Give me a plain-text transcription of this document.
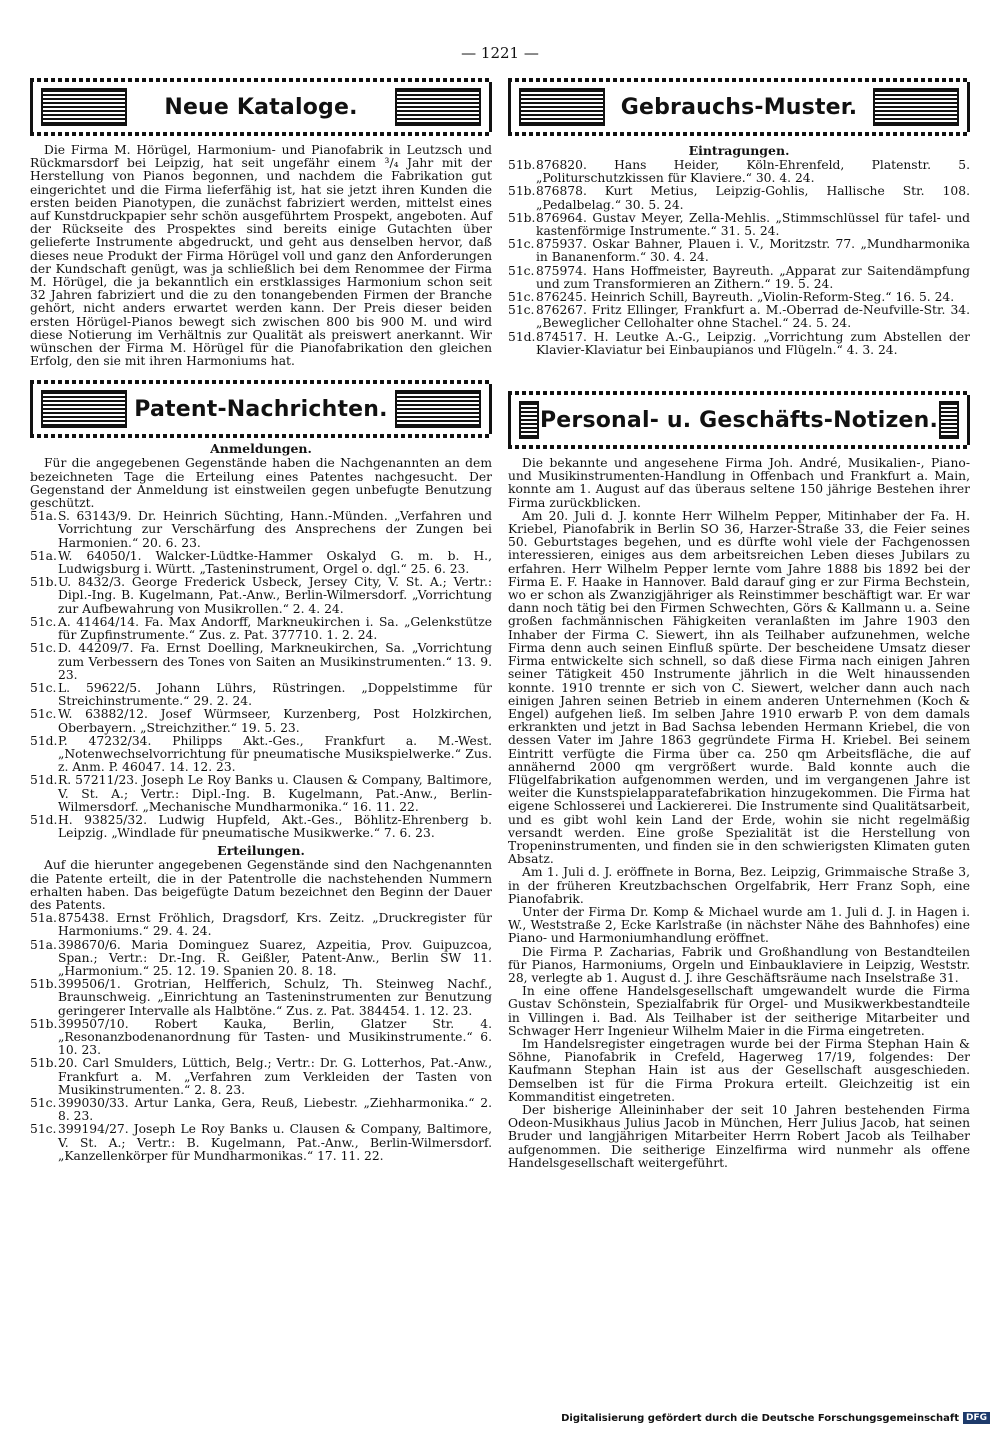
— 1221 —
Neue Kataloge.

Die Firma M. Hörügel, Harmonium- und Pianofabrik in Leutzsch und Rückmarsdorf bei Leipzig, hat seit ungefähr einem ³/₄ Jahr mit der Herstellung von Pianos begonnen, und nachdem die Fabrikation gut eingerichtet und die Firma lieferfähig ist, hat sie jetzt ihren Kunden die ersten beiden Pianotypen, die zunächst fabriziert werden, mittelst eines auf Kunstdruckpapier sehr schön ausgeführtem Prospekt, angeboten. Auf der Rückseite des Prospektes sind bereits einige Gutachten über gelieferte Instrumente abgedruckt, und geht aus denselben hervor, daß dieses neue Produkt der Firma Hörügel voll und ganz den Anforderungen der Kundschaft genügt, was ja schließlich bei dem Renommee der Firma M. Hörügel, die ja bekanntlich ein erstklassiges Harmonium schon seit 32 Jahren fabriziert und die zu den tonangebenden Firmen der Branche gehört, nicht anders erwartet werden kann. Der Preis dieser beiden ersten Hörügel-Pianos bewegt sich zwischen 800 bis 900 M. und wird diese Notierung im Verhältnis zur Qualität als preiswert anerkannt. Wir wünschen der Firma M. Hörügel für die Pianofabrikation den gleichen Erfolg, den sie mit ihren Harmoniums hat.

Patent-Nachrichten.
Anmeldungen.

Für die angegebenen Gegenstände haben die Nachgenannten an dem bezeichneten Tage die Erteilung eines Patentes nachgesucht. Der Gegenstand der Anmeldung ist einstweilen gegen unbefugte Benutzung geschützt.

51a. S. 63143/9. Dr. Heinrich Süchting, Hann.-Münden. „Verfahren und Vorrichtung zur Verschärfung des Ansprechens der Zungen bei Harmonien.“ 20. 6. 23.
51a. W. 64050/1. Walcker-Lüdtke-Hammer Oskalyd G. m. b. H., Ludwigsburg i. Württ. „Tasteninstrument, Orgel o. dgl.“ 25. 6. 23.
51b. U. 8432/3. George Frederick Usbeck, Jersey City, V. St. A.; Vertr.: Dipl.-Ing. B. Kugelmann, Pat.-Anw., Berlin-Wilmersdorf. „Vorrichtung zur Aufbewahrung von Musikrollen.“ 2. 4. 24.
51c. A. 41464/14. Fa. Max Andorff, Markneukirchen i. Sa. „Gelenkstütze für Zupfinstrumente.“ Zus. z. Pat. 377710. 1. 2. 24.
51c. D. 44209/7. Fa. Ernst Doelling, Markneukirchen, Sa. „Vorrichtung zum Verbessern des Tones von Saiten an Musikinstrumenten.“ 13. 9. 23.
51c. L. 59622/5. Johann Lührs, Rüstringen. „Doppelstimme für Streichinstrumente.“ 29. 2. 24.
51c. W. 63882/12. Josef Würmseer, Kurzenberg, Post Holzkirchen, Oberbayern. „Streichzither.“ 19. 5. 23.
51d. P. 47232/34. Philipps Akt.-Ges., Frankfurt a. M.-West. „Notenwechselvorrichtung für pneumatische Musikspielwerke.“ Zus. z. Anm. P. 46047. 14. 12. 23.
51d. R. 57211/23. Joseph Le Roy Banks u. Clausen & Company, Baltimore, V. St. A.; Vertr.: Dipl.-Ing. B. Kugelmann, Pat.-Anw., Berlin-Wilmersdorf. „Mechanische Mundharmonika.“ 16. 11. 22.
51d. H. 93825/32. Ludwig Hupfeld, Akt.-Ges., Böhlitz-Ehrenberg b. Leipzig. „Windlade für pneumatische Musikwerke.“ 7. 6. 23.
Erteilungen.

Auf die hierunter angegebenen Gegenstände sind den Nachgenannten die Patente erteilt, die in der Patentrolle die nachstehenden Nummern erhalten haben. Das beigefügte Datum bezeichnet den Beginn der Dauer des Patents.

51a. 875438. Ernst Fröhlich, Dragsdorf, Krs. Zeitz. „Druckregister für Harmoniums.“ 29. 4. 24.
51a. 398670/6. Maria Dominguez Suarez, Azpeitia, Prov. Guipuzcoa, Span.; Vertr.: Dr.-Ing. R. Geißler, Patent-Anw., Berlin SW 11. „Harmonium.“ 25. 12. 19. Spanien 20. 8. 18.
51b. 399506/1. Grotrian, Helfferich, Schulz, Th. Steinweg Nachf., Braunschweig. „Einrichtung an Tasteninstrumenten zur Benutzung geringerer Intervalle als Halbtöne.“ Zus. z. Pat. 384454. 1. 12. 23.
51b. 399507/10. Robert Kauka, Berlin, Glatzer Str. 4. „Resonanzbodenanordnung für Tasten- und Musikinstrumente.“ 6. 10. 23.
51b. 20. Carl Smulders, Lüttich, Belg.; Vertr.: Dr. G. Lotterhos, Pat.-Anw., Frankfurt a. M. „Verfahren zum Verkleiden der Tasten von Musikinstrumenten.“ 2. 8. 23.
51c. 399030/33. Artur Lanka, Gera, Reuß, Liebestr. „Ziehharmonika.“ 2. 8. 23.
51c. 399194/27. Joseph Le Roy Banks u. Clausen & Company, Baltimore, V. St. A.; Vertr.: B. Kugelmann, Pat.-Anw., Berlin-Wilmersdorf. „Kanzellenkörper für Mundharmonikas.“ 17. 11. 22.
Gebrauchs-Muster.
Eintragungen.
51b. 876820. Hans Heider, Köln-Ehrenfeld, Platenstr. 5. „Politurschutzkissen für Klaviere.“ 30. 4. 24.
51b. 876878. Kurt Metius, Leipzig-Gohlis, Hallische Str. 108. „Pedalbelag.“ 30. 5. 24.
51b. 876964. Gustav Meyer, Zella-Mehlis. „Stimmschlüssel für tafel- und kastenförmige Instrumente.“ 31. 5. 24.
51c. 875937. Oskar Bahner, Plauen i. V., Moritzstr. 77. „Mundharmonika in Bananenform.“ 30. 4. 24.
51c. 875974. Hans Hoffmeister, Bayreuth. „Apparat zur Saitendämpfung und zum Transformieren an Zithern.“ 19. 5. 24.
51c. 876245. Heinrich Schill, Bayreuth. „Violin-Reform-Steg.“ 16. 5. 24.
51c. 876267. Fritz Ellinger, Frankfurt a. M.-Oberrad de-Neufville-Str. 34. „Beweglicher Cellohalter ohne Stachel.“ 24. 5. 24.
51d. 874517. H. Leutke A.-G., Leipzig. „Vorrichtung zum Abstellen der Klavier-Klaviatur bei Einbaupianos und Flügeln.“ 4. 3. 24.
Personal- u. Geschäfts-Notizen.

Die bekannte und angesehene Firma Joh. André, Musikalien-, Piano- und Musikinstrumenten-Handlung in Offenbach und Frankfurt a. Main, konnte am 1. August auf das überaus seltene 150 jährige Bestehen ihrer Firma zurückblicken.

Am 20. Juli d. J. konnte Herr Wilhelm Pepper, Mitinhaber der Fa. H. Kriebel, Pianofabrik in Berlin SO 36, Harzer-Straße 33, die Feier seines 50. Geburtstages begehen, und es dürfte wohl viele der Fachgenossen interessieren, einiges aus dem arbeitsreichen Leben dieses Jubilars zu erfahren. Herr Wilhelm Pepper lernte vom Jahre 1888 bis 1892 bei der Firma E. F. Haake in Hannover. Bald darauf ging er zur Firma Bechstein, wo er schon als Zwanzigjähriger als Reinstimmer beschäftigt war. Er war dann noch tätig bei den Firmen Schwechten, Görs & Kallmann u. a. Seine großen fachmännischen Fähigkeiten veranlaßten im Jahre 1903 den Inhaber der Firma C. Siewert, ihn als Teilhaber aufzunehmen, welche Firma denn auch seinen Einfluß spürte. Der bescheidene Umsatz dieser Firma entwickelte sich schnell, so daß diese Firma nach einigen Jahren seiner Tätigkeit 450 Instrumente jährlich in die Welt hinaussenden konnte. 1910 trennte er sich von C. Siewert, welcher dann auch nach einigen Jahren seinen Betrieb in einem anderen Unternehmen (Koch & Engel) aufgehen ließ. Im selben Jahre 1910 erwarb P. von dem damals erkrankten und jetzt in Bad Sachsa lebenden Hermann Kriebel, die von dessen Vater im Jahre 1863 gegründete Firma H. Kriebel. Bei seinem Eintritt verfügte die Firma über ca. 250 qm Arbeitsfläche, die auf annähernd 2000 qm vergrößert wurde. Bald konnte auch die Flügelfabrikation aufgenommen werden, und im vergangenen Jahre ist weiter die Kunstspielapparatefabrikation hinzugekommen. Die Firma hat eigene Schlosserei und Lackiererei. Die Instrumente sind Qualitätsarbeit, und es gibt wohl kein Land der Erde, wohin sie nicht regelmäßig versandt werden. Eine große Spezialität ist die Herstellung von Tropeninstrumenten, und finden sie in den schwierigsten Klimaten guten Absatz.

Am 1. Juli d. J. eröffnete in Borna, Bez. Leipzig, Grimmaische Straße 3, in der früheren Kreutzbachschen Orgelfabrik, Herr Franz Soph, eine Pianofabrik.

Unter der Firma Dr. Komp & Michael wurde am 1. Juli d. J. in Hagen i. W., Weststraße 2, Ecke Karlstraße (in nächster Nähe des Bahnhofes) eine Piano- und Harmoniumhandlung eröffnet.

Die Firma P. Zacharias, Fabrik und Großhandlung von Bestandteilen für Pianos, Harmoniums, Orgeln und Einbauklaviere in Leipzig, Weststr. 28, verlegte ab 1. August d. J. ihre Geschäftsräume nach Inselstraße 31.

In eine offene Handelsgesellschaft umgewandelt wurde die Firma Gustav Schönstein, Spezialfabrik für Orgel- und Musikwerkbestandteile in Villingen i. Bad. Als Teilhaber ist der seitherige Mitarbeiter und Schwager Herr Ingenieur Wilhelm Maier in die Firma eingetreten.

Im Handelsregister eingetragen wurde bei der Firma Stephan Hain & Söhne, Pianofabrik in Crefeld, Hagerweg 17/19, folgendes: Der Kaufmann Stephan Hain ist aus der Gesellschaft ausgeschieden. Demselben ist für die Firma Prokura erteilt. Gleichzeitig ist ein Kommanditist eingetreten.

Der bisherige Alleininhaber der seit 10 Jahren bestehenden Firma Odeon-Musikhaus Julius Jacob in München, Herr Julius Jacob, hat seinen Bruder und langjährigen Mitarbeiter Herrn Robert Jacob als Teilhaber aufgenommen. Die seitherige Einzelfirma wird nunmehr als offene Handelsgesellschaft weitergeführt.

Digitalisierung gefördert durch die Deutsche Forschungsgemeinschaft DFG
